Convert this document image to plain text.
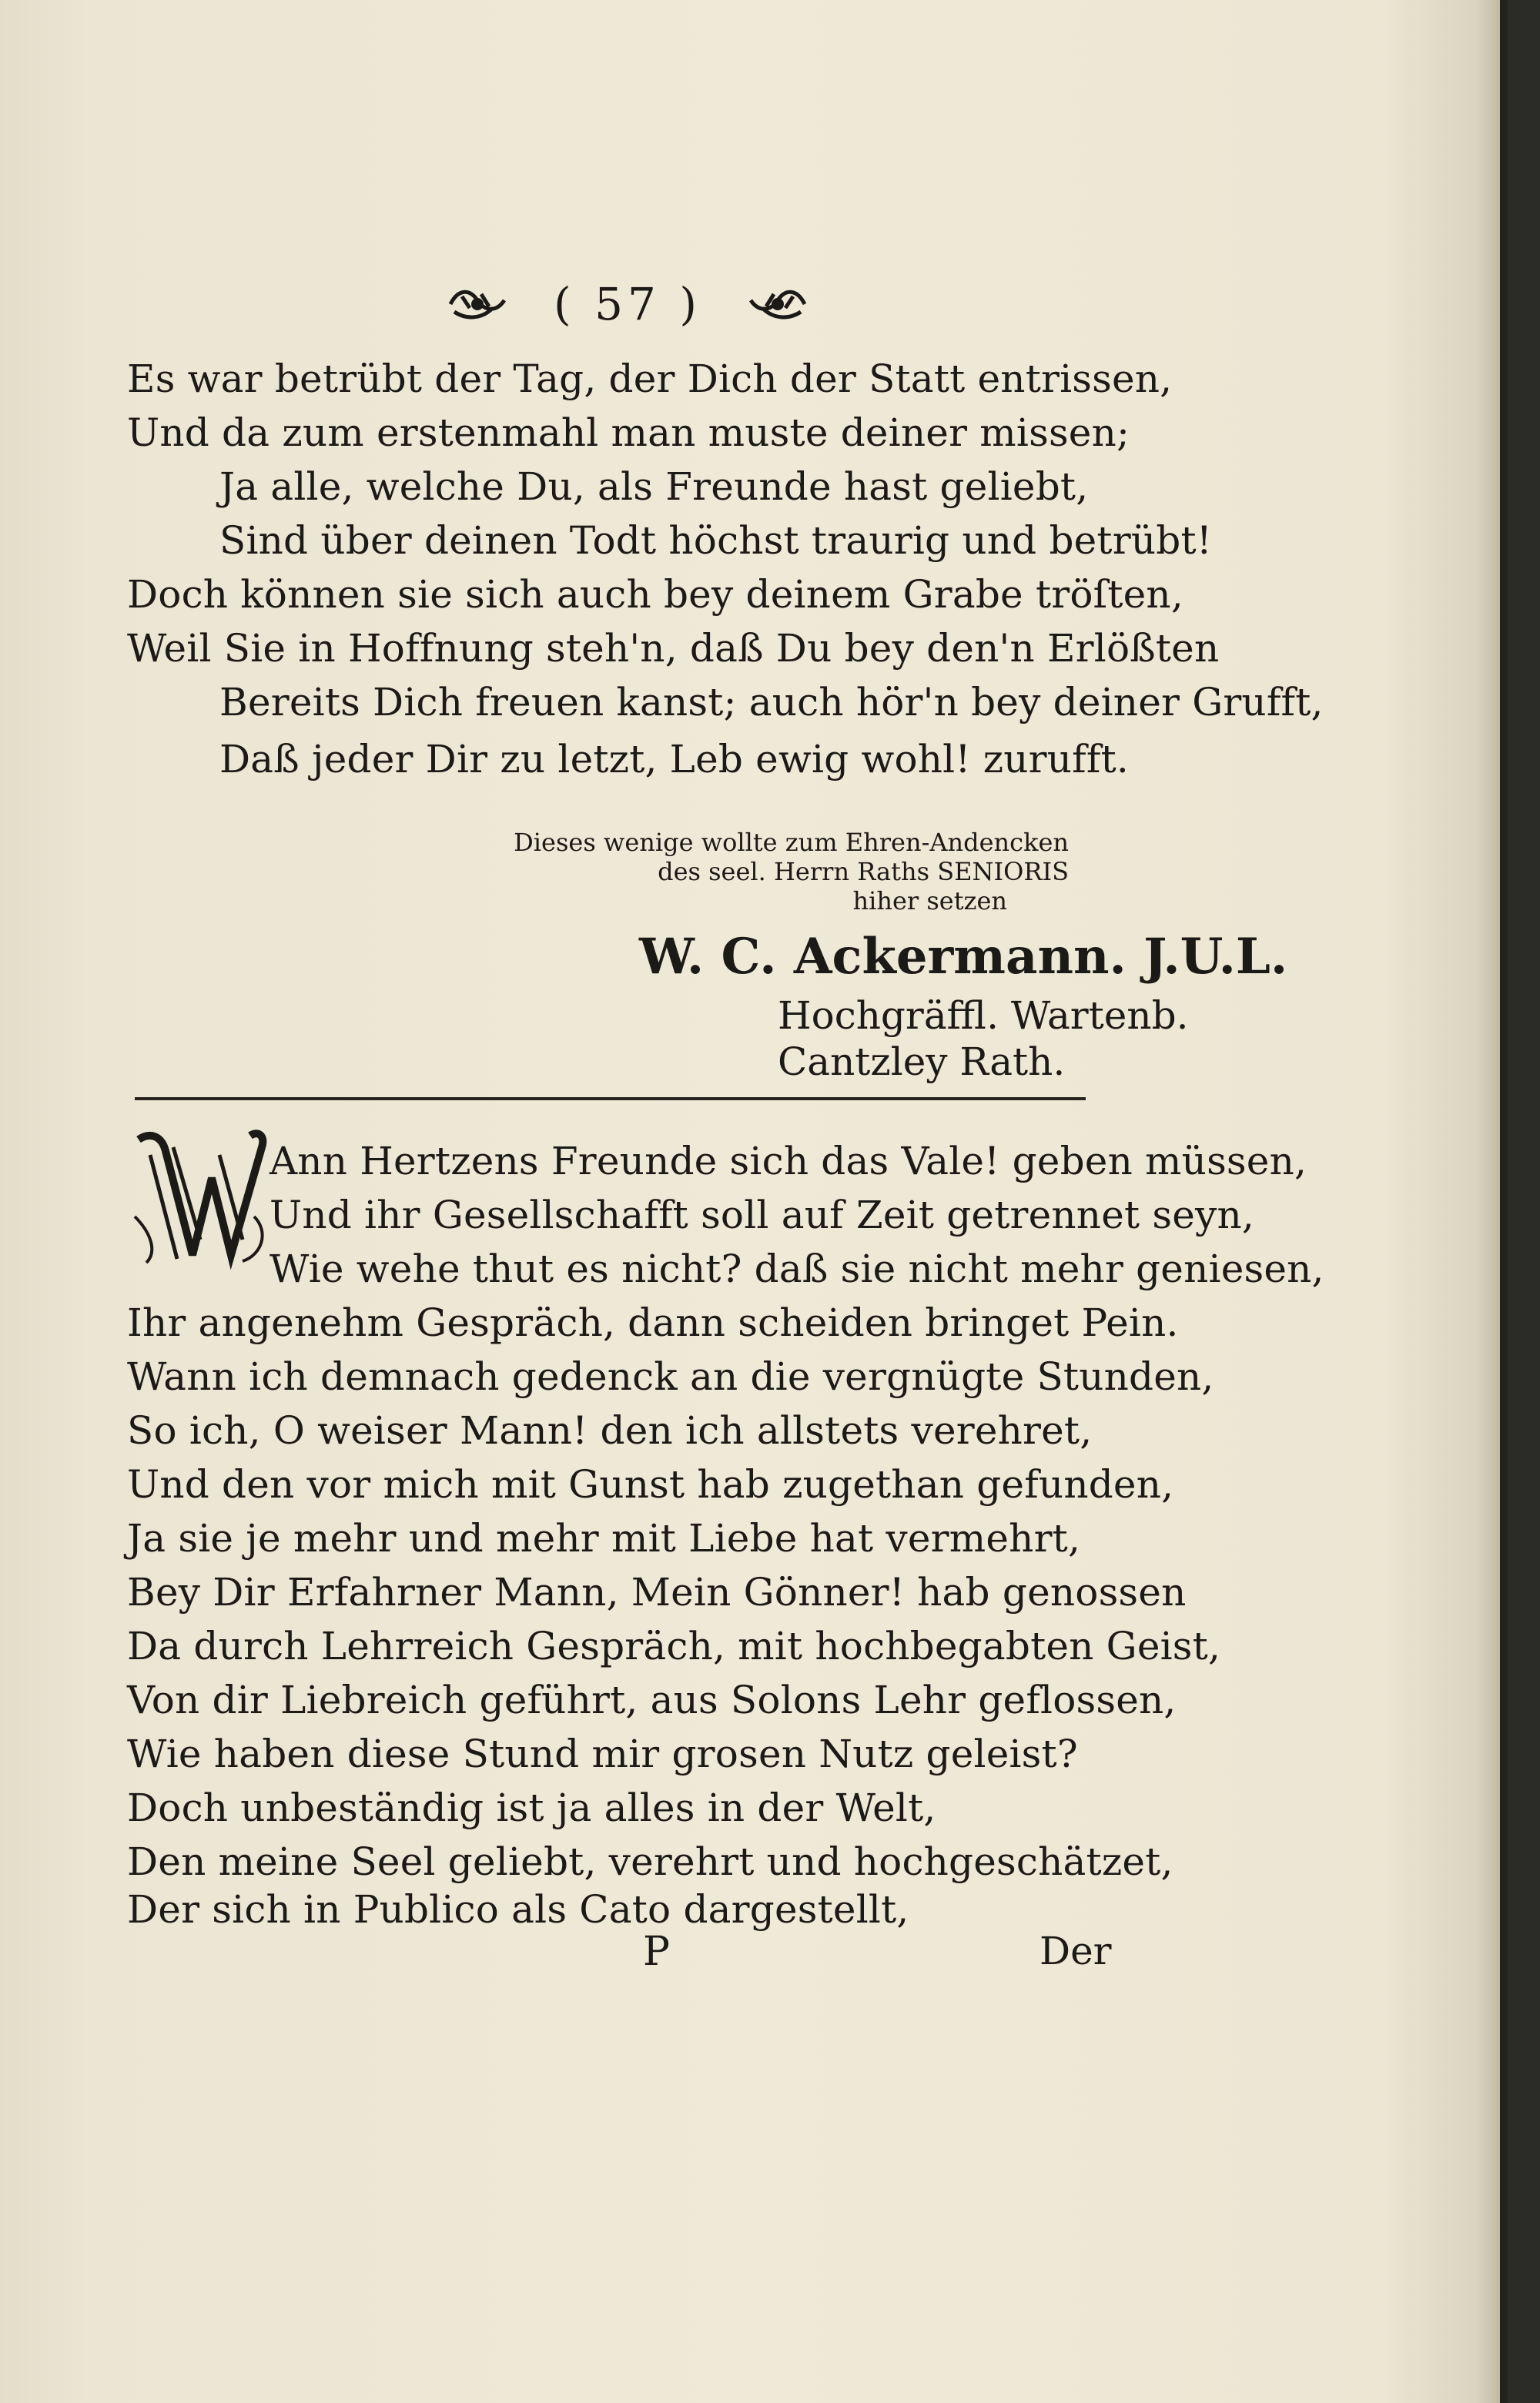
( 57 )
Es war betrübt der Tag, der Dich der Statt entrissen,
Und da zum erstenmahl man muste deiner missen;
Ja alle, welche Du, als Freunde hast geliebt,
Sind über deinen Todt höchst traurig und betrübt!
Doch können sie sich auch bey deinem Grabe tröſten,
Weil Sie in Hoffnung steh'n, daß Du bey den'n Erlößten
Bereits Dich freuen kanst; auch hör'n bey deiner Grufft,
Daß jeder Dir zu letzt, Leb ewig wohl! zurufft.
Dieses wenige wollte zum Ehren-Andencken
des seel. Herrn Raths SENIORIS
hiher setzen
W. C. Ackermann. J.U.L.
Hochgräffl. Wartenb.
Cantzley Rath.
W Ann Hertzens Freunde sich das Vale! geben müssen,
Und ihr Gesellschafft soll auf Zeit getrennet seyn,
Wie wehe thut es nicht? daß sie nicht mehr geniesen,
Ihr angenehm Gespräch, dann scheiden bringet Pein.
Wann ich demnach gedenck an die vergnügte Stunden,
So ich, O weiser Mann! den ich allstets verehret,
Und den vor mich mit Gunst hab zugethan gefunden,
Ja sie je mehr und mehr mit Liebe hat vermehrt,
Bey Dir Erfahrner Mann, Mein Gönner! hab genossen
Da durch Lehrreich Gespräch, mit hochbegabten Geist,
Von dir Liebreich geführt, aus Solons Lehr geflossen,
Wie haben diese Stund mir grosen Nutz geleist?
Doch unbeständig ist ja alles in der Welt,
Den meine Seel geliebt, verehrt und hochgeschätzet,
Der sich in Publico als Cato dargestellt,
P	Der
